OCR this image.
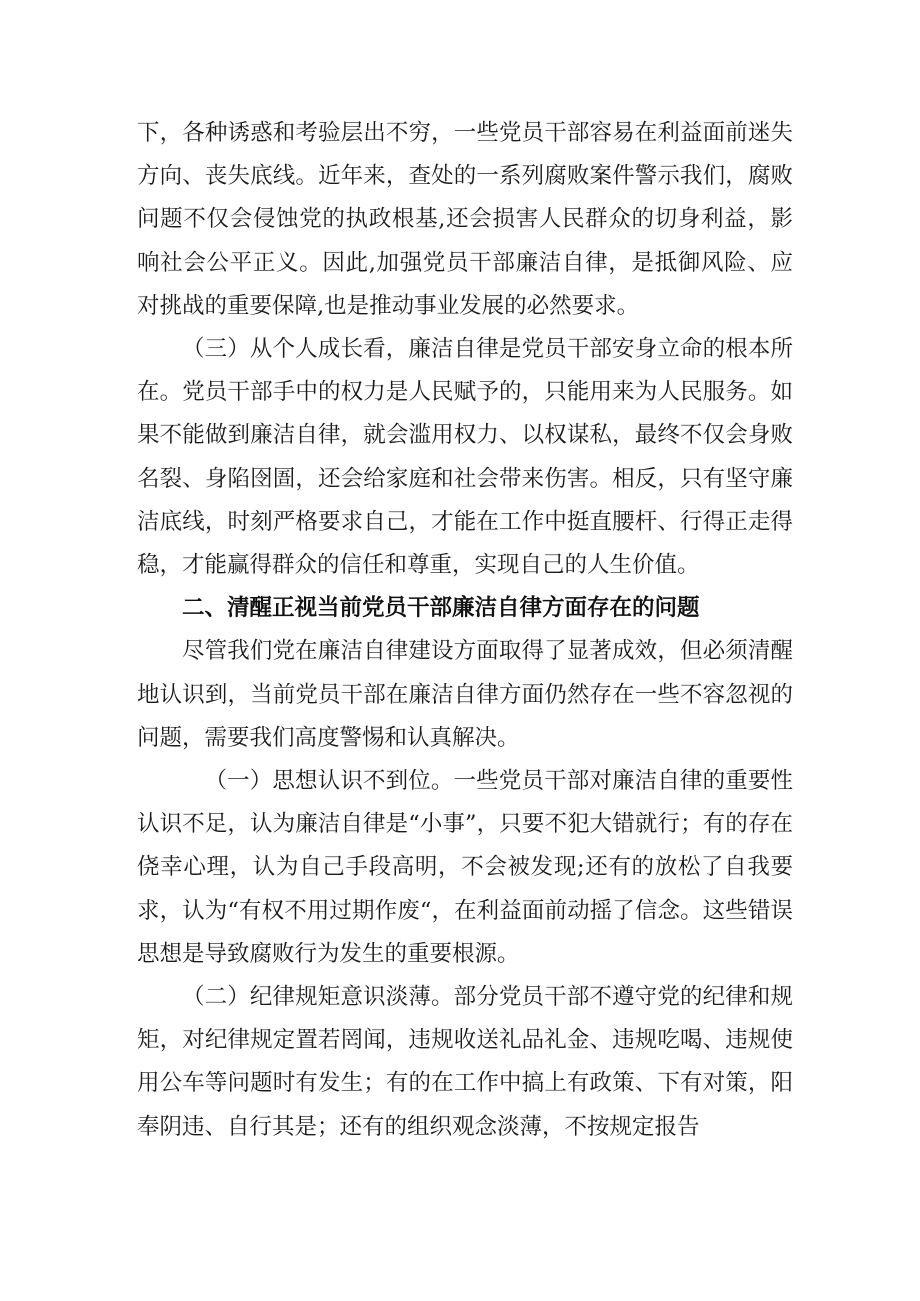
下，各种诱惑和考验层出不穷，一些党员干部容易在利益面前迷失方向、丧失底线。近年来，查处的一系列腐败案件警示我们，腐败问题不仅会侵蚀党的执政根基,还会损害人民群众的切身利益，影响社会公平正义。因此,加强党员干部廉洁自律，是抵御风险、应对挑战的重要保障,也是推动事业发展的必然要求。

（三）从个人成长看，廉洁自律是党员干部安身立命的根本所在。党员干部手中的权力是人民赋予的，只能用来为人民服务。如果不能做到廉洁自律，就会滥用权力、以权谋私，最终不仅会身败名裂、身陷囹圄，还会给家庭和社会带来伤害。相反，只有坚守廉洁底线，时刻严格要求自己，才能在工作中挺直腰杆、行得正走得稳，才能赢得群众的信任和尊重，实现自己的人生价值。

二、清醒正视当前党员干部廉洁自律方面存在的问题

尽管我们党在廉洁自律建设方面取得了显著成效，但必须清醒地认识到，当前党员干部在廉洁自律方面仍然存在一些不容忽视的问题，需要我们高度警惕和认真解决。

（一）思想认识不到位。一些党员干部对廉洁自律的重要性认识不足，认为廉洁自律是“小事”，只要不犯大错就行；有的存在侥幸心理，认为自己手段高明，不会被发现;还有的放松了自我要求，认为“有权不用过期作废“，在利益面前动摇了信念。这些错误思想是导致腐败行为发生的重要根源。

（二）纪律规矩意识淡薄。部分党员干部不遵守党的纪律和规矩，对纪律规定置若罔闻，违规收送礼品礼金、违规吃喝、违规使用公车等问题时有发生；有的在工作中搞上有政策、下有对策，阳奉阴违、自行其是；还有的组织观念淡薄，不按规定报告
